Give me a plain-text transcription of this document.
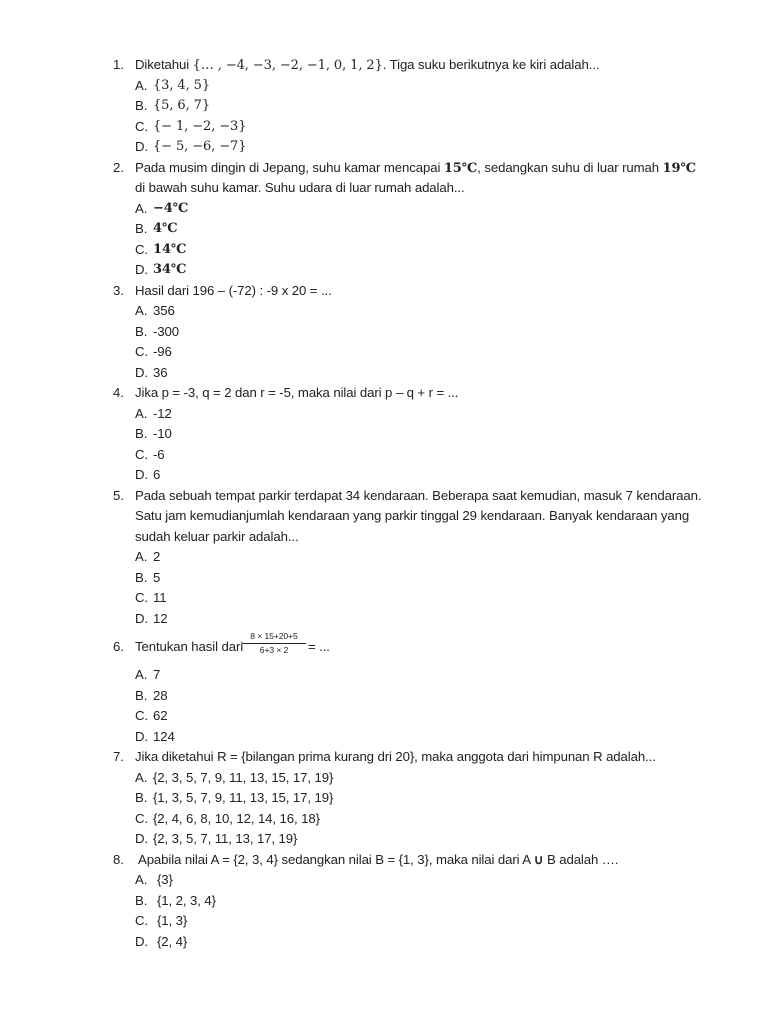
1. Diketahui {… , −4, −3, −2, −1, 0, 1, 2}. Tiga suku berikutnya ke kiri adalah...
A. {3, 4, 5}
B. {5, 6, 7}
C. {− 1, −2, −3}
D. {− 5, −6, −7}
2. Pada musim dingin di Jepang, suhu kamar mencapai 15℃, sedangkan suhu di luar rumah 19℃
di bawah suhu kamar. Suhu udara di luar rumah adalah...
A. −4℃
B. 4℃
C. 14℃
D. 34℃
3. Hasil dari 196 – (-72) : -9 x 20 = ...
A. 356
B. -300
C. -96
D. 36
4. Jika p = -3, q = 2 dan r = -5, maka nilai dari p – q + r = ...
A. -12
B. -10
C. -6
D. 6
5. Pada sebuah tempat parkir terdapat 34 kendaraan. Beberapa saat kemudian, masuk 7 kendaraan.
Satu jam kemudianjumlah kendaraan yang parkir tinggal 29 kendaraan. Banyak kendaraan yang
sudah keluar parkir adalah...
A. 2
B. 5
C. 11
D. 12
6. Tentukan hasil dari
$\frac{8 \times 15+20+5}{6+3 \times 2}$ = ...
A. 7
B. 28
C. 62
D. 124
7. Jika diketahui R = {bilangan prima kurang dri 20}, maka anggota dari himpunan R adalah...
A. {2, 3, 5, 7, 9, 11, 13, 15, 17, 19}
B. {1, 3, 5, 7, 9, 11, 13, 15, 17, 19}
C. {2, 4, 6, 8, 10, 12, 14, 16, 18}
D. {2, 3, 5, 7, 11, 13, 17, 19}
8. Apabila nilai A = {2, 3, 4} sedangkan nilai B = {1, 3}, maka nilai dari A ∪ B adalah ….
A. {3}
B. {1, 2, 3, 4}
C. {1, 3}
D. {2, 4}
